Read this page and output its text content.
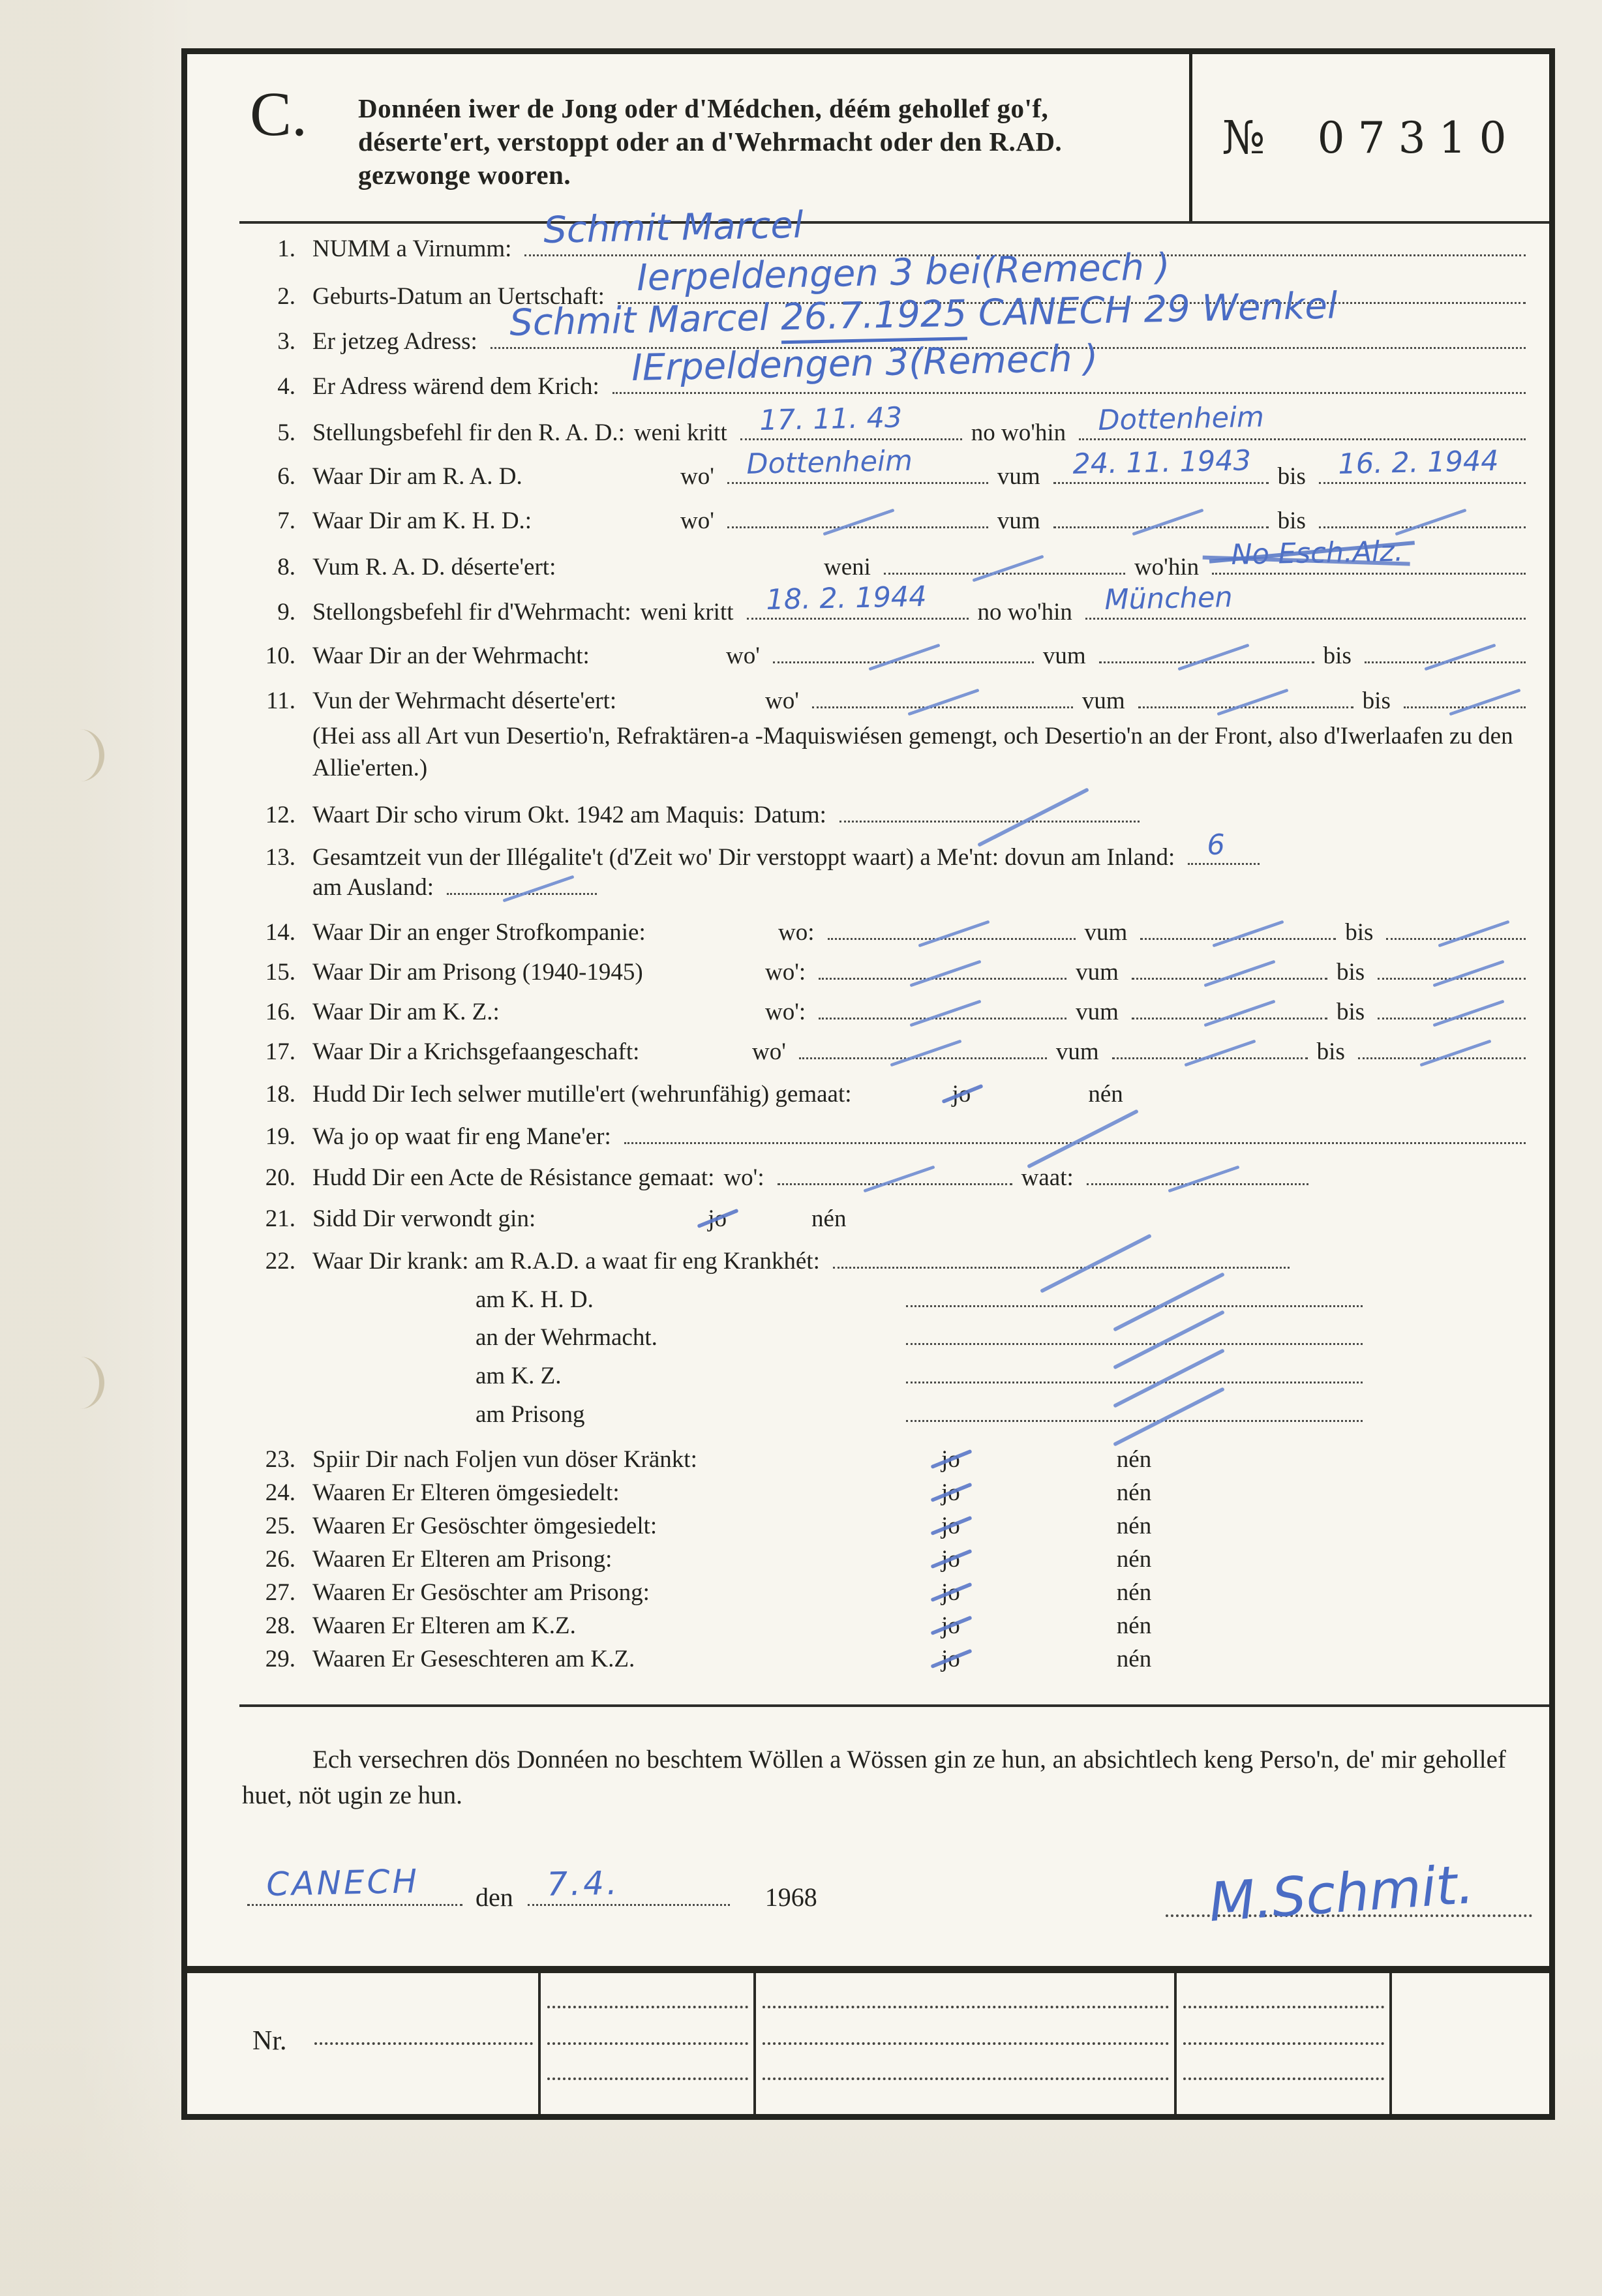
C. Donnéen iwer de Jong oder d'Médchen, déém gehollef go'f, déserte'ert, verstoppt oder an d'Wehrmacht oder den R.AD. gezwonge wooren.
№ 07310
1. NUMM a Virnumm: Schmit Marcel
2. Geburts-Datum an Uertschaft: Ierpeldengen 3 bei(Remech )
3. Er jetzeg Adress: Schmit Marcel 26.7.1925 CANECH 29 Wenkel
4. Er Adress wärend dem Krich: IErpeldengen 3(Remech )
5. Stellungsbefehl fir den R. A. D.: weni kritt 17. 11. 43	no wo'hin Dottenheim
6. Waar Dir am R. A. D.	wo' Dottenheim	vum 24. 11. 1943 bis 16. 2. 1944
7. Waar Dir am K. H. D.:	wo'	vum	bis
8. Vum R. A. D. déserte'ert:	weni	wo'hin No Esch.Alz.
9. Stellongsbefehl fir d'Wehrmacht: weni kritt 18. 2. 1944 no wo'hin München
10. Waar Dir an der Wehrmacht:	wo'	vum	bis
11. Vun der Wehrmacht déserte'ert:	wo'	vum	bis
(Hei ass all Art vun Desertio'n, Refraktären-a -Maquiswiésen gemengt, och Desertio'n an der Front, also d'Iwerlaafen zu den Allie'erten.)
12. Waart Dir scho virum Okt. 1942 am Maquis: Datum:
13. Gesamtzeit vun der Illégalite't (d'Zeit wo' Dir verstoppt waart) a Me'nt: dovun am Inland: 6
am Ausland:
14. Waar Dir an enger Strofkompanie:	wo:	vum	bis
15. Waar Dir am Prisong (1940-1945)	wo':	vum	bis
16. Waar Dir am K. Z.:	wo':	vum	bis
17. Waar Dir a Krichsgefaangeschaft:	wo'	vum	bis
18. Hudd Dir Iech selwer mutille'ert (wehrunfähig) gemaat:	jo	nén
19. Wa jo op waat fir eng Mane'er:
20. Hudd Dir een Acte de Résistance gemaat: wo':	waat:
21. Sidd Dir verwondt gin:	jo	nén
22. Waar Dir krank: am R.A.D. a waat fir eng Krankhét:
am K. H. D.
an der Wehrmacht.
am K. Z.
am Prisong
23. Spiir Dir nach Foljen vun döser Kränkt:	jo	nén
24. Waaren Er Elteren ömgesiedelt:	jo	nén
25. Waaren Er Gesöschter ömgesiedelt:	jo	nén
26. Waaren Er Elteren am Prisong:	jo	nén
27. Waaren Er Gesöschter am Prisong:	jo	nén
28. Waaren Er Elteren am K.Z.	jo	nén
29. Waaren Er Geseschteren am K.Z.	jo	nén
Ech versechren dös Donnéen no beschtem Wöllen a Wössen gin ze hun, an absichtlech keng Perso'n, de' mir gehollef huet, nöt ugin ze hun.
CANECH den 7.4.	1968	M.Schmit.
Nr.
